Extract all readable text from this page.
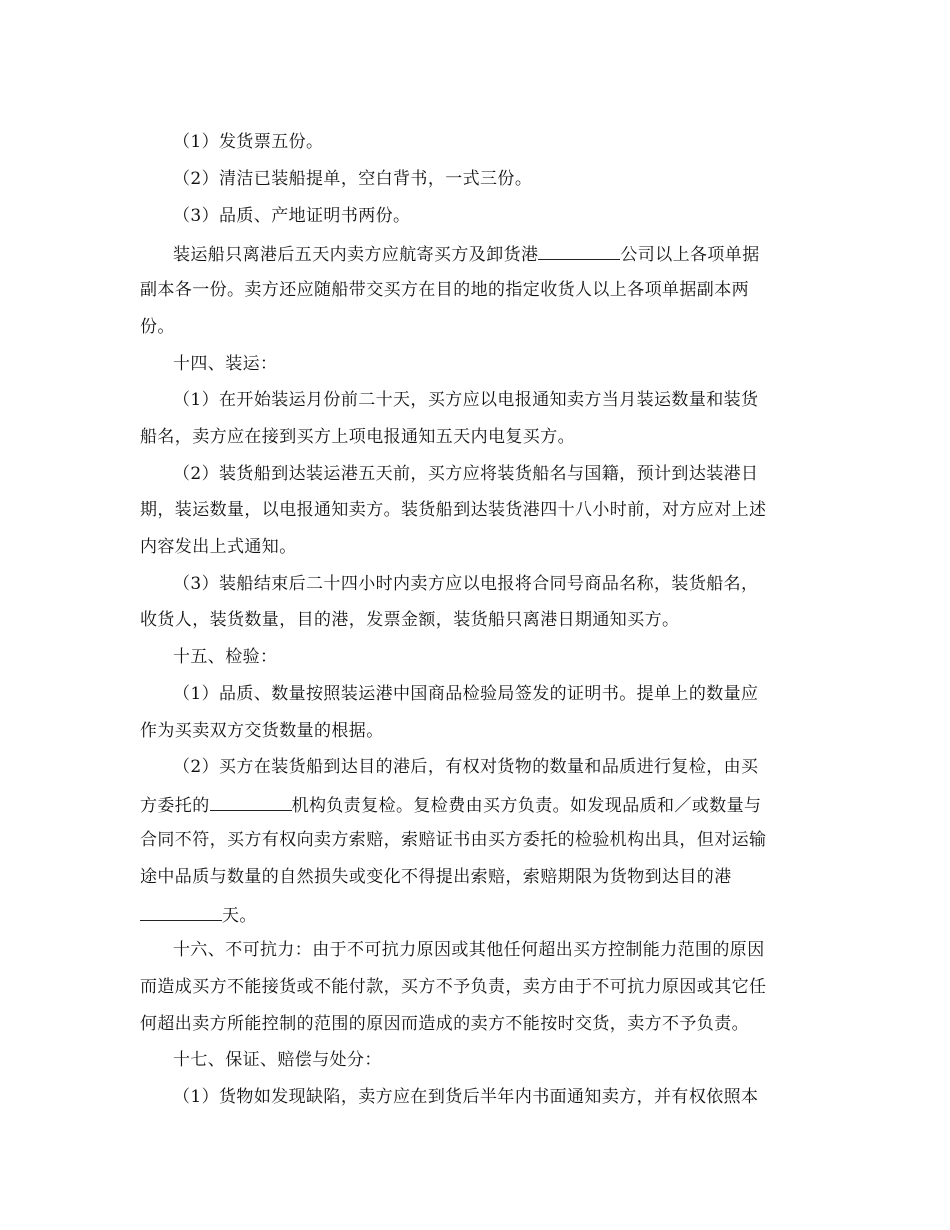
（1）发货票五份。
（2）清洁已装船提单，空白背书，一式三份。
（3）品质、产地证明书两份。
装运船只离港后五天内卖方应航寄买方及卸货港	公司以上各项单据
副本各一份。卖方还应随船带交买方在目的地的指定收货人以上各项单据副本两
份。
十四、装运：
（1）在开始装运月份前二十天，买方应以电报通知卖方当月装运数量和装货
船名，卖方应在接到买方上项电报通知五天内电复买方。
（2）装货船到达装运港五天前，买方应将装货船名与国籍，预计到达装港日
期，装运数量，以电报通知卖方。装货船到达装货港四十八小时前，对方应对上述
内容发出上式通知。
（3）装船结束后二十四小时内卖方应以电报将合同号商品名称，装货船名，
收货人，装货数量，目的港，发票金额，装货船只离港日期通知买方。
十五、检验：
（1）品质、数量按照装运港中国商品检验局签发的证明书。提单上的数量应
作为买卖双方交货数量的根据。
（2）买方在装货船到达目的港后，有权对货物的数量和品质进行复检，由买
方委托的	机构负责复检。复检费由买方负责。如发现品质和／或数量与
合同不符，买方有权向卖方索赔，索赔证书由买方委托的检验机构出具，但对运输
途中品质与数量的自然损失或变化不得提出索赔，索赔期限为货物到达目的港
天。
十六、不可抗力：由于不可抗力原因或其他任何超出买方控制能力范围的原因
而造成买方不能接货或不能付款，买方不予负责，卖方由于不可抗力原因或其它任
何超出卖方所能控制的范围的原因而造成的卖方不能按时交货，卖方不予负责。
十七、保证、赔偿与处分：
（1）货物如发现缺陷，卖方应在到货后半年内书面通知卖方，并有权依照本
